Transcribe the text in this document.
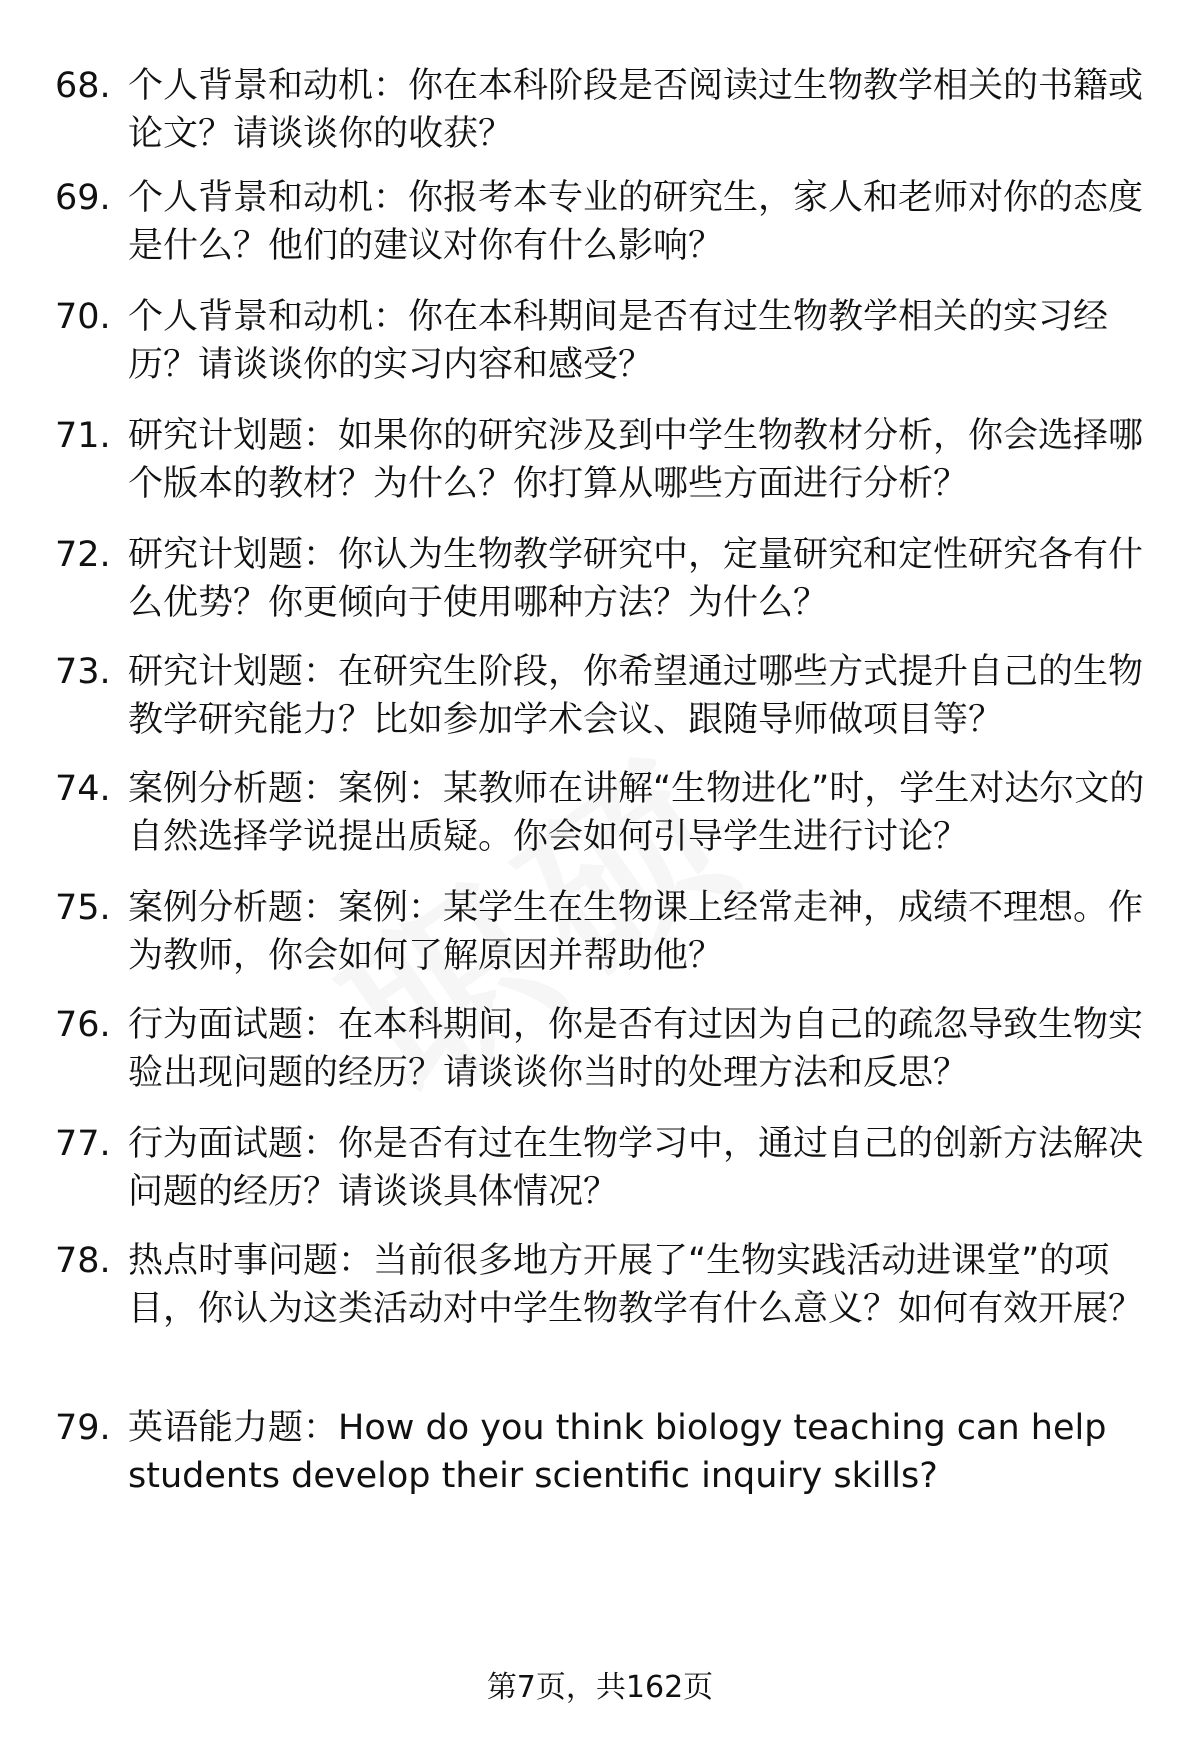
68. 个人背景和动机：你在本科阶段是否阅读过生物教学相关的书籍或论文？请谈谈你的收获？
69. 个人背景和动机：你报考本专业的研究生，家人和老师对你的态度是什么？他们的建议对你有什么影响？
70. 个人背景和动机：你在本科期间是否有过生物教学相关的实习经历？请谈谈你的实习内容和感受？
71. 研究计划题：如果你的研究涉及到中学生物教材分析，你会选择哪个版本的教材？为什么？你打算从哪些方面进行分析？
72. 研究计划题：你认为生物教学研究中，定量研究和定性研究各有什么优势？你更倾向于使用哪种方法？为什么？
73. 研究计划题：在研究生阶段，你希望通过哪些方式提升自己的生物教学研究能力？比如参加学术会议、跟随导师做项目等？
74. 案例分析题：案例：某教师在讲解“生物进化”时，学生对达尔文的自然选择学说提出质疑。你会如何引导学生进行讨论？
75. 案例分析题：案例：某学生在生物课上经常走神，成绩不理想。作为教师，你会如何了解原因并帮助他？
76. 行为面试题：在本科期间，你是否有过因为自己的疏忽导致生物实验出现问题的经历？请谈谈你当时的处理方法和反思？
77. 行为面试题：你是否有过在生物学习中，通过自己的创新方法解决问题的经历？请谈谈具体情况？
78. 热点时事问题：当前很多地方开展了“生物实践活动进课堂”的项目，你认为这类活动对中学生物教学有什么意义？如何有效开展？
79. 英语能力题：How do you think biology teaching can help students develop their scientific inquiry skills?
第7页，共162页
